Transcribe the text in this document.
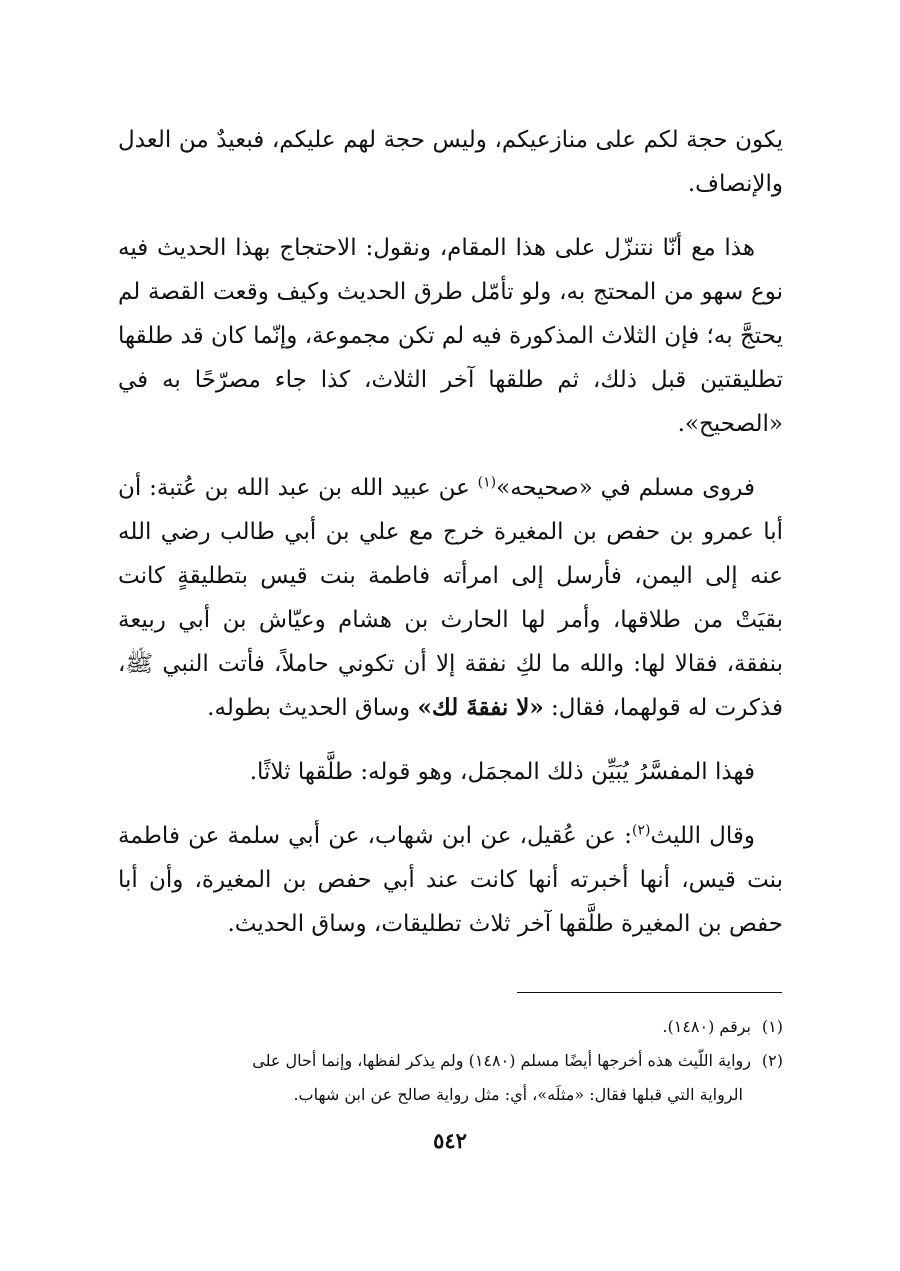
يكون حجة لكم على منازعيكم، وليس حجة لهم عليكم، فبعيدٌ من العدل والإنصاف.

هذا مع أنّا نتنزّل على هذا المقام، ونقول: الاحتجاج بهذا الحديث فيه نوع سهو من المحتج به، ولو تأمّل طرق الحديث وكيف وقعت القصة لم يحتجَّ به؛ فإن الثلاث المذكورة فيه لم تكن مجموعة، وإنّما كان قد طلقها تطليقتين قبل ذلك، ثم طلقها آخر الثلاث، كذا جاء مصرّحًا به في «الصحيح».

فروى مسلم في «صحيحه»$^{(١)}$ عن عبيد الله بن عبد الله بن عُتبة: أن أبا عمرو بن حفص بن المغيرة خرج مع علي بن أبي طالب رضي الله عنه إلى اليمن، فأرسل إلى امرأته فاطمة بنت قيس بتطليقةٍ كانت بقيَتْ من طلاقها، وأمر لها الحارث بن هشام وعيّاش بن أبي ربيعة بنفقة، فقالا لها: والله ما لكِ نفقة إلا أن تكوني حاملاً، فأتت النبي ﷺ، فذكرت له قولهما، فقال: «لا نفقةَ لك» وساق الحديث بطوله.

فهذا المفسَّرُ يُبَيِّن ذلك المجمَل، وهو قوله: طلَّقها ثلاثًا.

وقال الليث$^{(٢)}$: عن عُقيل، عن ابن شهاب، عن أبي سلمة عن فاطمة بنت قيس، أنها أخبرته أنها كانت عند أبي حفص بن المغيرة، وأن أبا حفص بن المغيرة طلَّقها آخر ثلاث تطليقات، وساق الحديث.

(١)برقم (١٤٨٠).

(٢)رواية اللّيث هذه أخرجها أيضًا مسلم (١٤٨٠) ولم يذكر لفظها، وإنما أحال على

الرواية التي قبلها فقال: «مثلَه»، أي: مثل رواية صالح عن ابن شهاب.

٥٤٢
